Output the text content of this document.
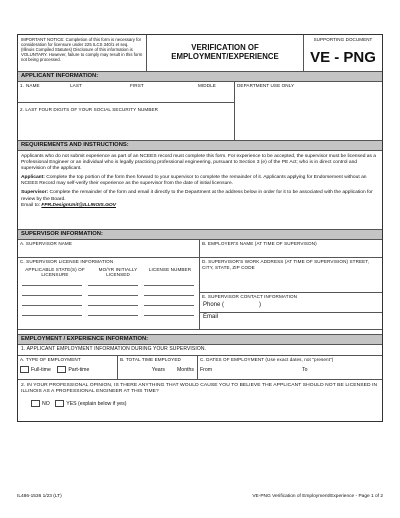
IMPORTANT NOTICE: Completion of this form is necessary for consideration for licensure under 225 ILCS 340/1 et seq. (Illinois Compiled Statutes) Disclosure of this information is VOLUNTARY. However, failure to comply may result in this form not being processed.
VERIFICATION OF
EMPLOYMENT/EXPERIENCE
SUPPORTING DOCUMENT
VE - PNG
APPLICANT INFORMATION:
1. NAME	LAST	FIRST	MIDDLE
2. LAST FOUR DIGITS OF YOUR SOCIAL SECURITY NUMBER
DEPARTMENT USE ONLY
REQUIREMENTS AND INSTRUCTIONS:

Applicants who do not submit experience as part of an NCEES record must complete this form. For experience to be accepted, the supervisor must be licensed as a Professional Engineer or an individual who is legally practicing professional engineering, pursuant to Section 3 (e) of the PE Act; who is in direct control and supervision of the applicant.

Applicant: Complete the top portion of the form then forward to your supervisor to complete the remainder of it. Applicants applying for Endorsement without an NCEES Record may self-verify their experience as the supervisor from the date of initial licensure.

Supervisor: Complete the remainder of the form and email it directly to the Department at the address below in order for it to be associated with the application for review by the Board.
Email to: FPR.DesignUnit@ILLINOIS.GOV

SUPERVISOR INFORMATION:
A. SUPERVISOR NAME	B. EMPLOYER'S NAME (AT TIME OF SUPERVISON)
C. SUPERVISOR LICENSE INFORMATION
APPLICABLE STATE(S) OF LICENSURE
MO/YR INITIALLY LICENSED
LICENSE NUMBER
D. SUPERVISOR'S WORK ADDRESS (AT TIME OF SUPERVISION) STREET, CITY, STATE, ZIP CODE
E. SUPERVISOR CONTACT INFORMATION
Phone (	)
Email
EMPLOYMENT / EXPERIENCE INFORMATION:
1. APPLICANT EMPLOYMENT INFORMATION DURING YOUR SUPERVISION.
A. TYPE OF EMPLOYMENT
Full-time	Part-time
B. TOTAL TIME EMPLOYED
Years Months
C. DATES OF EMPLOYMENT (Use exact dates, not "present")
From	To
2. IN YOUR PROFESSIONAL OPINION, IS THERE ANYTHING THAT WOULD CAUSE YOU TO BELIEVE THE APPLICANT SHOULD NOT BE LICENSED IN ILLINOIS AS A PROFESSIONAL ENGINEER AT THIS TIME?
NO	YES (explain below if yes)
IL486-1536 1/23 (LT)	VE-PNG Verification of Employment/Experience - Page 1 of 2
